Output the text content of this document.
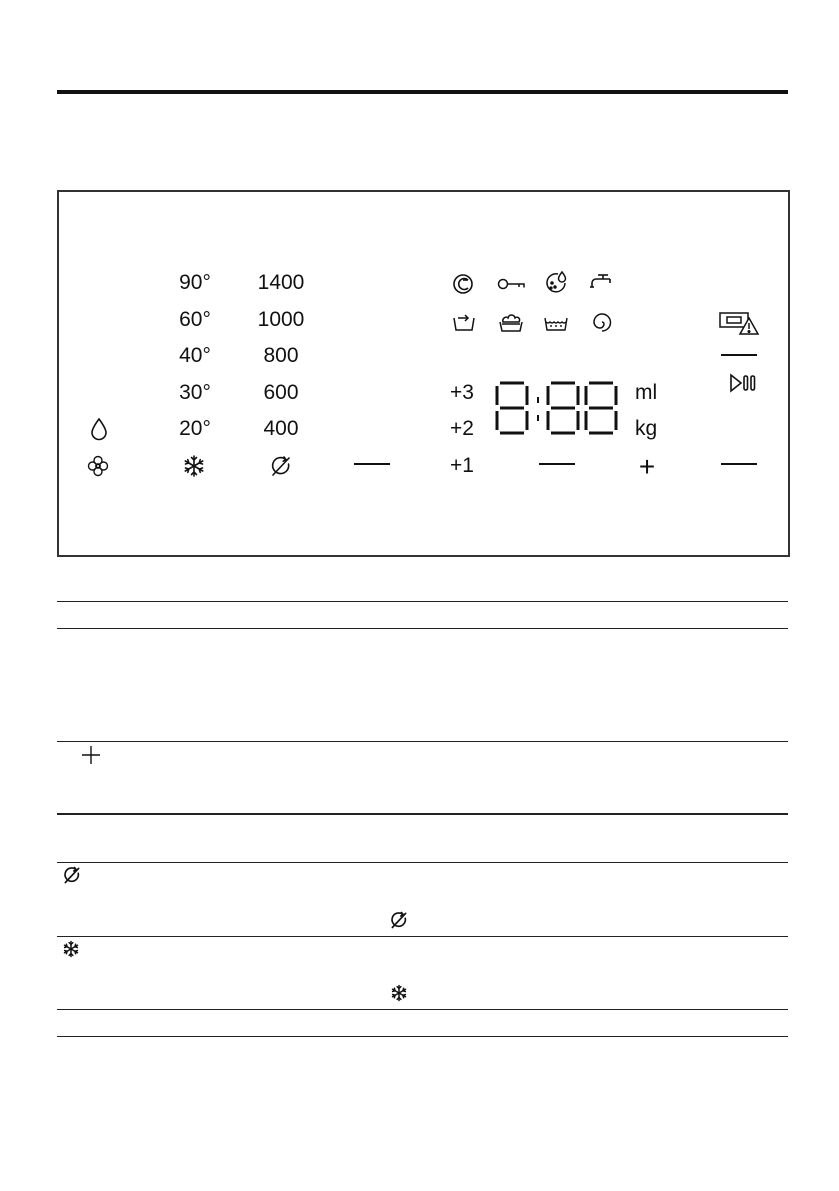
90°
60°
40°
30°
20°
1400
1000
800
600
400
+3
+2
+1
ml
kg
+
